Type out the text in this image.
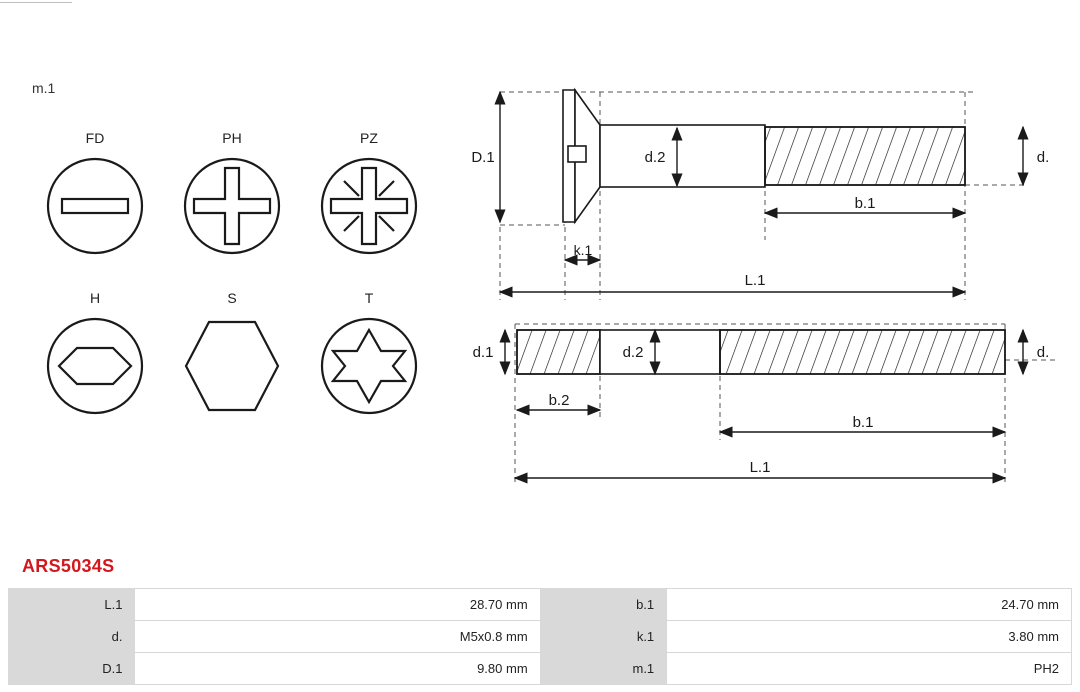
m.1
FD	PH	PZ
H	S	T
D.1	d.2	d.
b.1
k.1
L.1
d.1	d.2	d.
b.2
b.1
L.1
ARS5034S
L.1	28.70 mm	b.1	24.70 mm
d.	M5x0.8 mm	k.1	3.80 mm
D.1	9.80 mm	m.1	PH2
